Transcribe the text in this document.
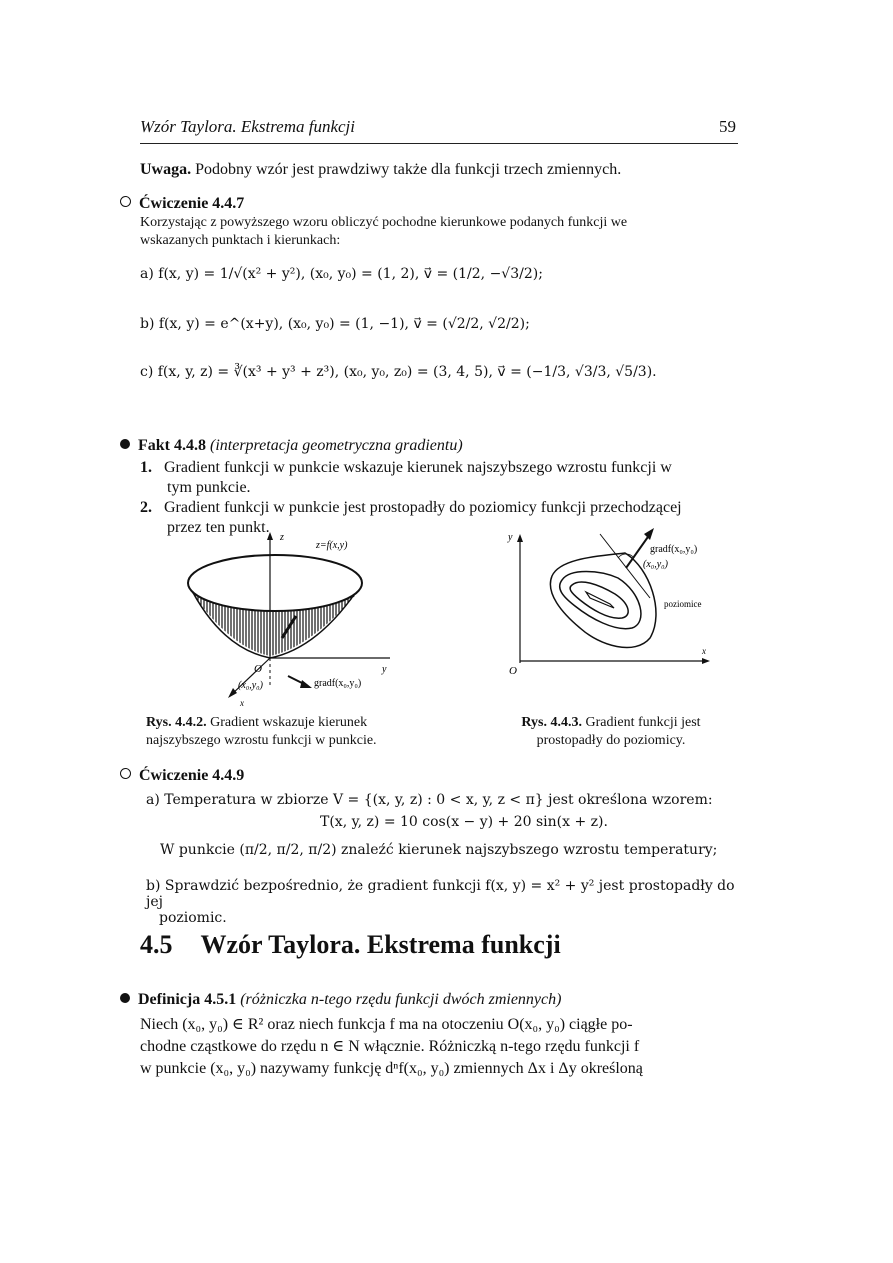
Wzór Taylora. Ekstrema funkcji	59
Uwaga. Podobny wzór jest prawdziwy także dla funkcji trzech zmiennych.
Ćwiczenie 4.4.7
Korzystając z powyższego wzoru obliczyć pochodne kierunkowe podanych funkcji we
wskazanych punktach i kierunkach:
a) f(x, y) = 1/√(x² + y²), (x₀, y₀) = (1, 2), v⃗ = (1/2, −√3/2);
b) f(x, y) = e^(x+y), (x₀, y₀) = (1, −1), v⃗ = (√2/2, √2/2);
c) f(x, y, z) = ∛(x³ + y³ + z³), (x₀, y₀, z₀) = (3, 4, 5), v⃗ = (−1/3, √3/3, √5/3).
Fakt 4.4.8 (interpretacja geometryczna gradientu)
1. Gradient funkcji w punkcie wskazuje kierunek najszybszego wzrostu funkcji w
tym punkcie.
2. Gradient funkcji w punkcie jest prostopadły do poziomicy funkcji przechodzącej
przez ten punkt.
z
z=f(x,y)
y
O
(x₀,y₀)	gradf(x₀,y₀)
x
y
gradf(x₀,y₀)
(x₀,y₀)
poziomice
x
O
Rys. 4.4.2. Gradient wskazuje kierunek
najszybszego wzrostu funkcji w punkcie.
Rys. 4.4.3. Gradient funkcji jest
prostopadły do poziomicy.
Ćwiczenie 4.4.9
a) Temperatura w zbiorze V = {(x, y, z) : 0 < x, y, z < π} jest określona wzorem:
T(x, y, z) = 10 cos(x − y) + 20 sin(x + z).
W punkcie (π/2, π/2, π/2) znaleźć kierunek najszybszego wzrostu temperatury;
b) Sprawdzić bezpośrednio, że gradient funkcji f(x, y) = x² + y² jest prostopadły do jej
poziomic.
4.5 Wzór Taylora. Ekstrema funkcji
Definicja 4.5.1 (różniczka n-tego rzędu funkcji dwóch zmiennych)
Niech (x₀, y₀) ∈ R² oraz niech funkcja f ma na otoczeniu O(x₀, y₀) ciągłe po-
chodne cząstkowe do rzędu n ∈ N włącznie. Różniczką n-tego rzędu funkcji f
w punkcie (x₀, y₀) nazywamy funkcję dⁿf(x₀, y₀) zmiennych Δx i Δy określoną
